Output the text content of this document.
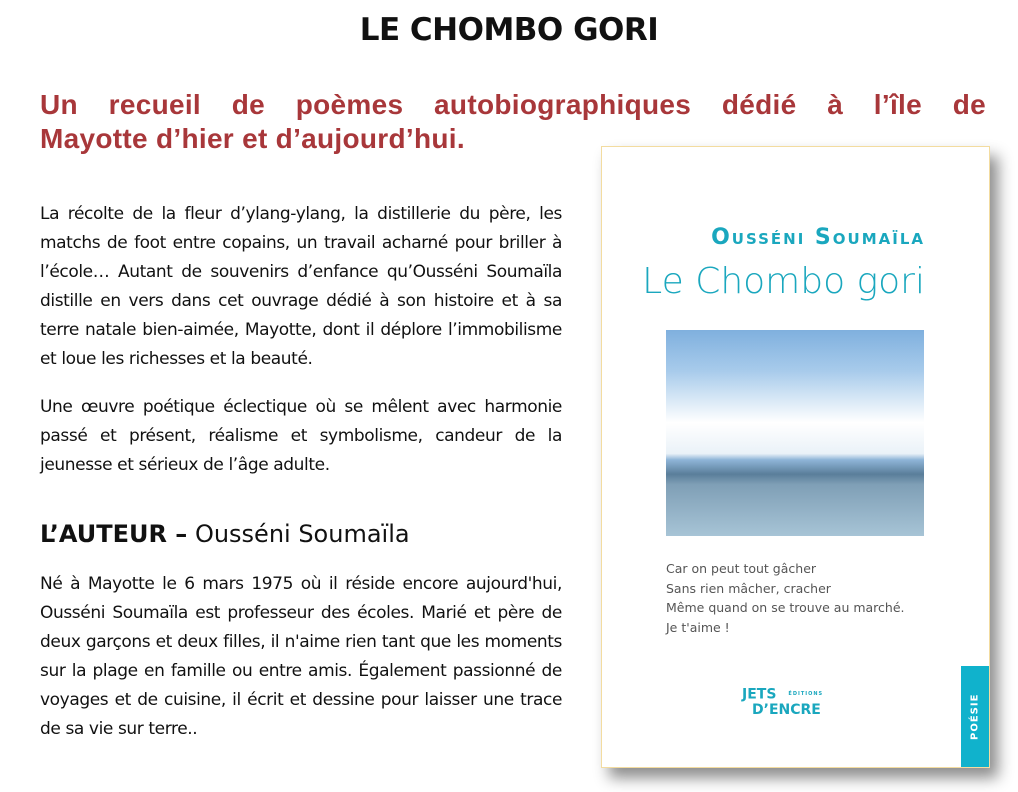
LE CHOMBO GORI
Un recueil de poèmes autobiographiques dédié à l’île de
Mayotte d’hier et d’aujourd’hui.
La récolte de la fleur d’ylang-ylang, la distillerie du père, les matchs de foot entre copains, un travail acharné pour briller à l’école… Autant de souvenirs d’enfance qu’Ousséni Soumaïla distille en vers dans cet ouvrage dédié à son histoire et à sa terre natale bien-aimée, Mayotte, dont il déplore l’immobilisme et loue les richesses et la beauté.
Une œuvre poétique éclectique où se mêlent avec harmonie passé et présent, réalisme et symbolisme, candeur de la jeunesse et sérieux de l’âge adulte.
L’AUTEUR – Ousséni Soumaïla
Né à Mayotte le 6 mars 1975 où il réside encore aujourd'hui, Ousséni Soumaïla est professeur des écoles. Marié et père de deux garçons et deux filles, il n'aime rien tant que les moments sur la plage en famille ou entre amis. Également passionné de voyages et de cuisine, il écrit et dessine pour laisser une trace de sa vie sur terre..
Ousséni Soumaïla
Le Chombo gori
Car on peut tout gâcher
Sans rien mâcher, cracher
Même quand on se trouve au marché.
Je t'aime !
JETS ÉDITIONS
D’ENCRE	POÉSIE
